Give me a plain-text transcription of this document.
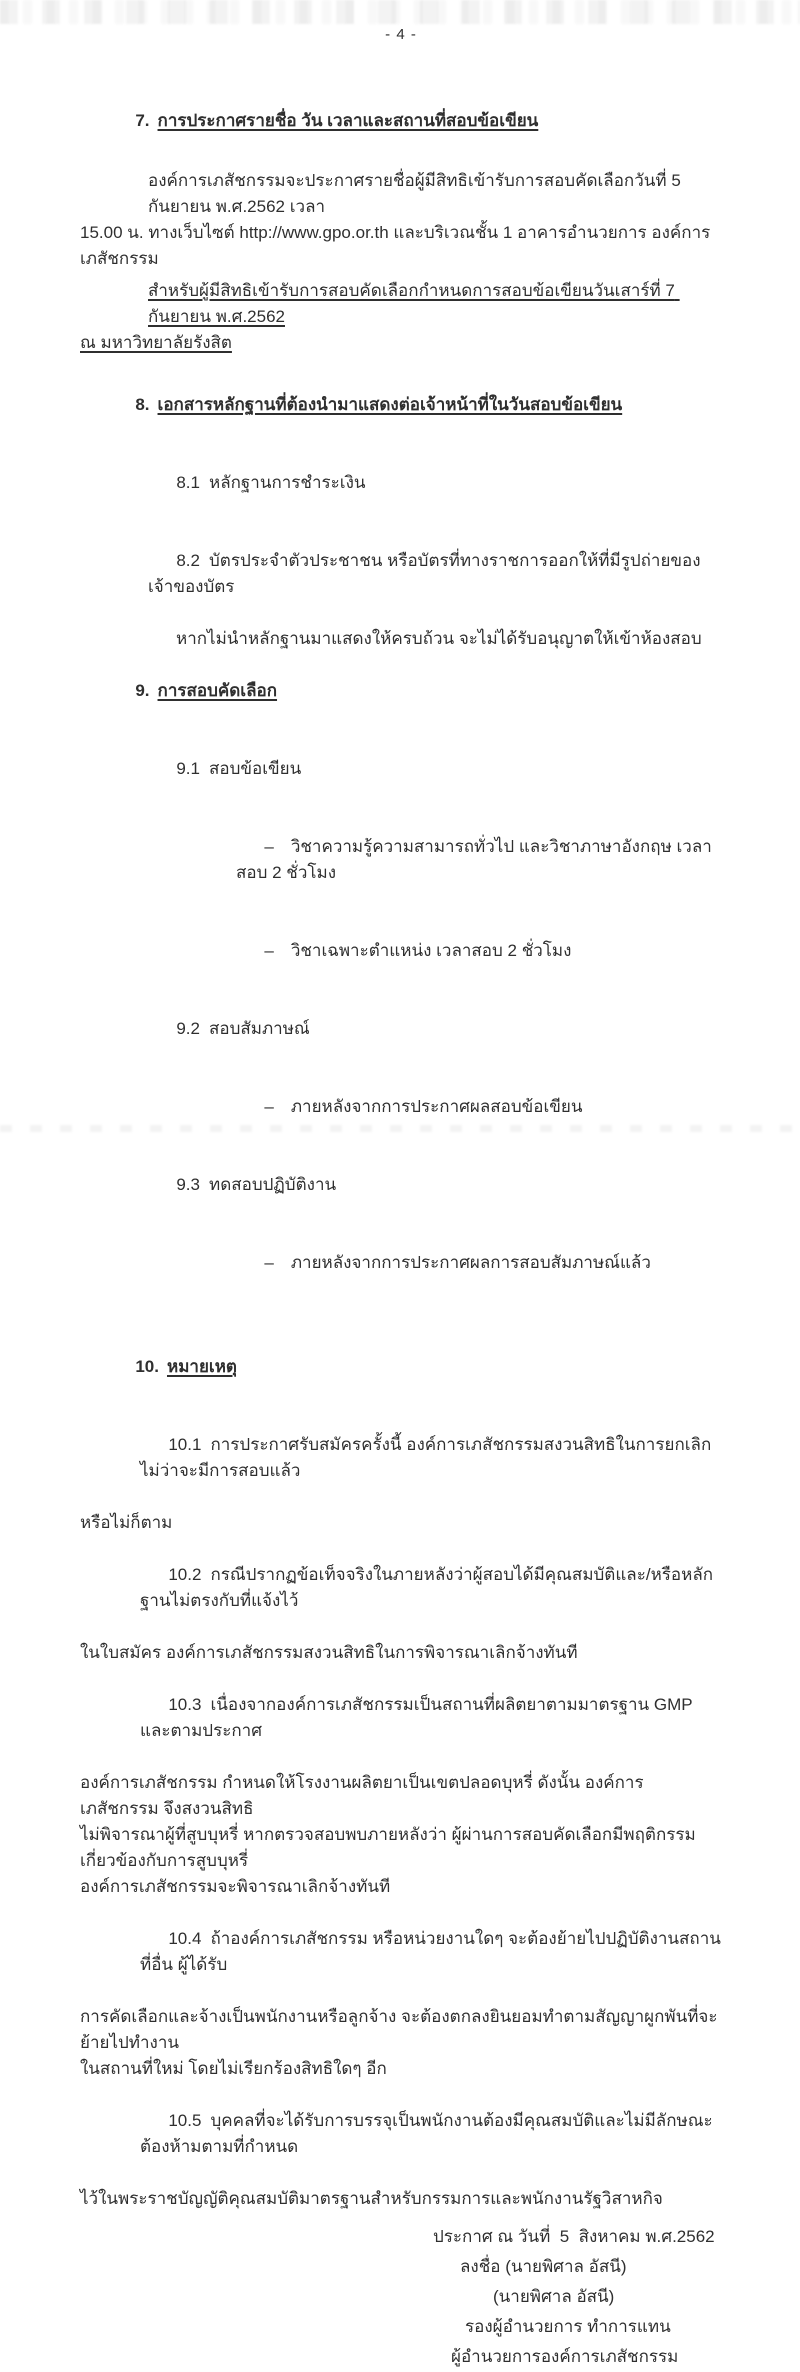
- 4 -

7. การประกาศรายชื่อ วัน เวลาและสถานที่สอบข้อเขียน

องค์การเภสัชกรรมจะประกาศรายชื่อผู้มีสิทธิเข้ารับการสอบคัดเลือกวันที่ 5 กันยายน พ.ศ.2562 เวลา
15.00 น. ทางเว็บไซต์ http://www.gpo.or.th และบริเวณชั้น 1 อาคารอำนวยการ องค์การเภสัชกรรม
สำหรับผู้มีสิทธิเข้ารับการสอบคัดเลือกกำหนดการสอบข้อเขียนวันเสาร์ที่ 7 กันยายน พ.ศ.2562
ณ มหาวิทยาลัยรังสิต

8. เอกสารหลักฐานที่ต้องนำมาแสดงต่อเจ้าหน้าที่ในวันสอบข้อเขียน

8.1 หลักฐานการชำระเงิน

8.2 บัตรประจำตัวประชาชน หรือบัตรที่ทางราชการออกให้ที่มีรูปถ่ายของเจ้าของบัตร

หากไม่นำหลักฐานมาแสดงให้ครบถ้วน จะไม่ได้รับอนุญาตให้เข้าห้องสอบ

9. การสอบคัดเลือก

9.1 สอบข้อเขียน

– วิชาความรู้ความสามารถทั่วไป และวิชาภาษาอังกฤษ เวลาสอบ 2 ชั่วโมง

– วิชาเฉพาะตำแหน่ง เวลาสอบ 2 ชั่วโมง

9.2 สอบสัมภาษณ์

– ภายหลังจากการประกาศผลสอบข้อเขียน

9.3 ทดสอบปฏิบัติงาน

– ภายหลังจากการประกาศผลการสอบสัมภาษณ์แล้ว

10. หมายเหตุ

10.1 การประกาศรับสมัครครั้งนี้ องค์การเภสัชกรรมสงวนสิทธิในการยกเลิกไม่ว่าจะมีการสอบแล้ว

หรือไม่ก็ตาม

10.2 กรณีปรากฏข้อเท็จจริงในภายหลังว่าผู้สอบได้มีคุณสมบัติและ/หรือหลักฐานไม่ตรงกับที่แจ้งไว้

ในใบสมัคร องค์การเภสัชกรรมสงวนสิทธิในการพิจารณาเลิกจ้างทันที

10.3 เนื่องจากองค์การเภสัชกรรมเป็นสถานที่ผลิตยาตามมาตรฐาน GMP และตามประกาศ

องค์การเภสัชกรรม กำหนดให้โรงงานผลิตยาเป็นเขตปลอดบุหรี่ ดังนั้น องค์การเภสัชกรรม จึงสงวนสิทธิ
ไม่พิจารณาผู้ที่สูบบุหรี่ หากตรวจสอบพบภายหลังว่า ผู้ผ่านการสอบคัดเลือกมีพฤติกรรมเกี่ยวข้องกับการสูบบุหรี่
องค์การเภสัชกรรมจะพิจารณาเลิกจ้างทันที

10.4 ถ้าองค์การเภสัชกรรม หรือหน่วยงานใดๆ จะต้องย้ายไปปฏิบัติงานสถานที่อื่น ผู้ได้รับ

การคัดเลือกและจ้างเป็นพนักงานหรือลูกจ้าง จะต้องตกลงยินยอมทำตามสัญญาผูกพันที่จะย้ายไปทำงาน
ในสถานที่ใหม่ โดยไม่เรียกร้องสิทธิใดๆ อีก

10.5 บุคคลที่จะได้รับการบรรจุเป็นพนักงานต้องมีคุณสมบัติและไม่มีลักษณะต้องห้ามตามที่กำหนด

ไว้ในพระราชบัญญัติคุณสมบัติมาตรฐานสำหรับกรรมการและพนักงานรัฐวิสาหกิจ
ประกาศ ณ วันที่  5  สิงหาคม พ.ศ.2562
ลงชื่อ (นายพิศาล อัสนี)
(นายพิศาล อัสนี)
รองผู้อำนวยการ ทำการแทน
ผู้อำนวยการองค์การเภสัชกรรม
